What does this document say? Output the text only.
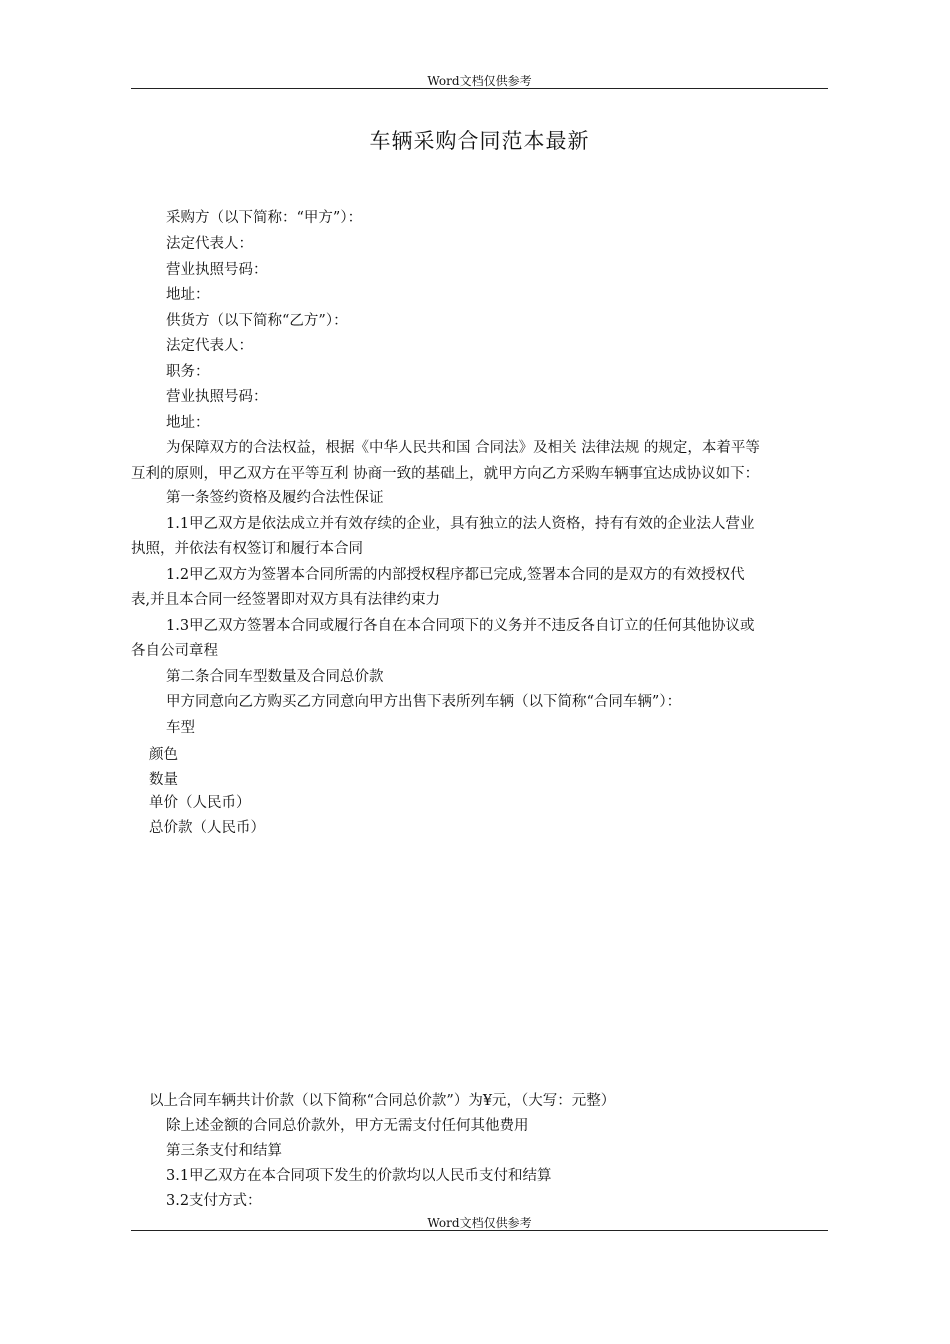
Word文档仅供参考
车辆采购合同范本最新
采购方（以下简称：“甲方”）：
法定代表人：
营业执照号码：
地址：
供货方（以下简称“乙方”）：
法定代表人：
职务：
营业执照号码：
地址：
为保障双方的合法权益，根据《中华人民共和国 合同法》及相关 法律法规 的规定，本着平等
互利的原则，甲乙双方在平等互利 协商一致的基础上，就甲方向乙方采购车辆事宜达成协议如下：
第一条签约资格及履约合法性保证
1.1甲乙双方是依法成立并有效存续的企业，具有独立的法人资格，持有有效的企业法人营业
执照，并依法有权签订和履行本合同
1.2甲乙双方为签署本合同所需的内部授权程序都已完成,签署本合同的是双方的有效授权代
表,并且本合同一经签署即对双方具有法律约束力
1.3甲乙双方签署本合同或履行各自在本合同项下的义务并不违反各自订立的任何其他协议或
各自公司章程
第二条合同车型数量及合同总价款
甲方同意向乙方购买乙方同意向甲方出售下表所列车辆（以下简称“合同车辆”）：
车型
颜色
数量
单价（人民币）
总价款（人民币）
以上合同车辆共计价款（以下简称“合同总价款”）为¥元，（大写：元整）
除上述金额的合同总价款外，甲方无需支付任何其他费用
第三条支付和结算
3.1甲乙双方在本合同项下发生的价款均以人民币支付和结算
3.2支付方式：
Word文档仅供参考
